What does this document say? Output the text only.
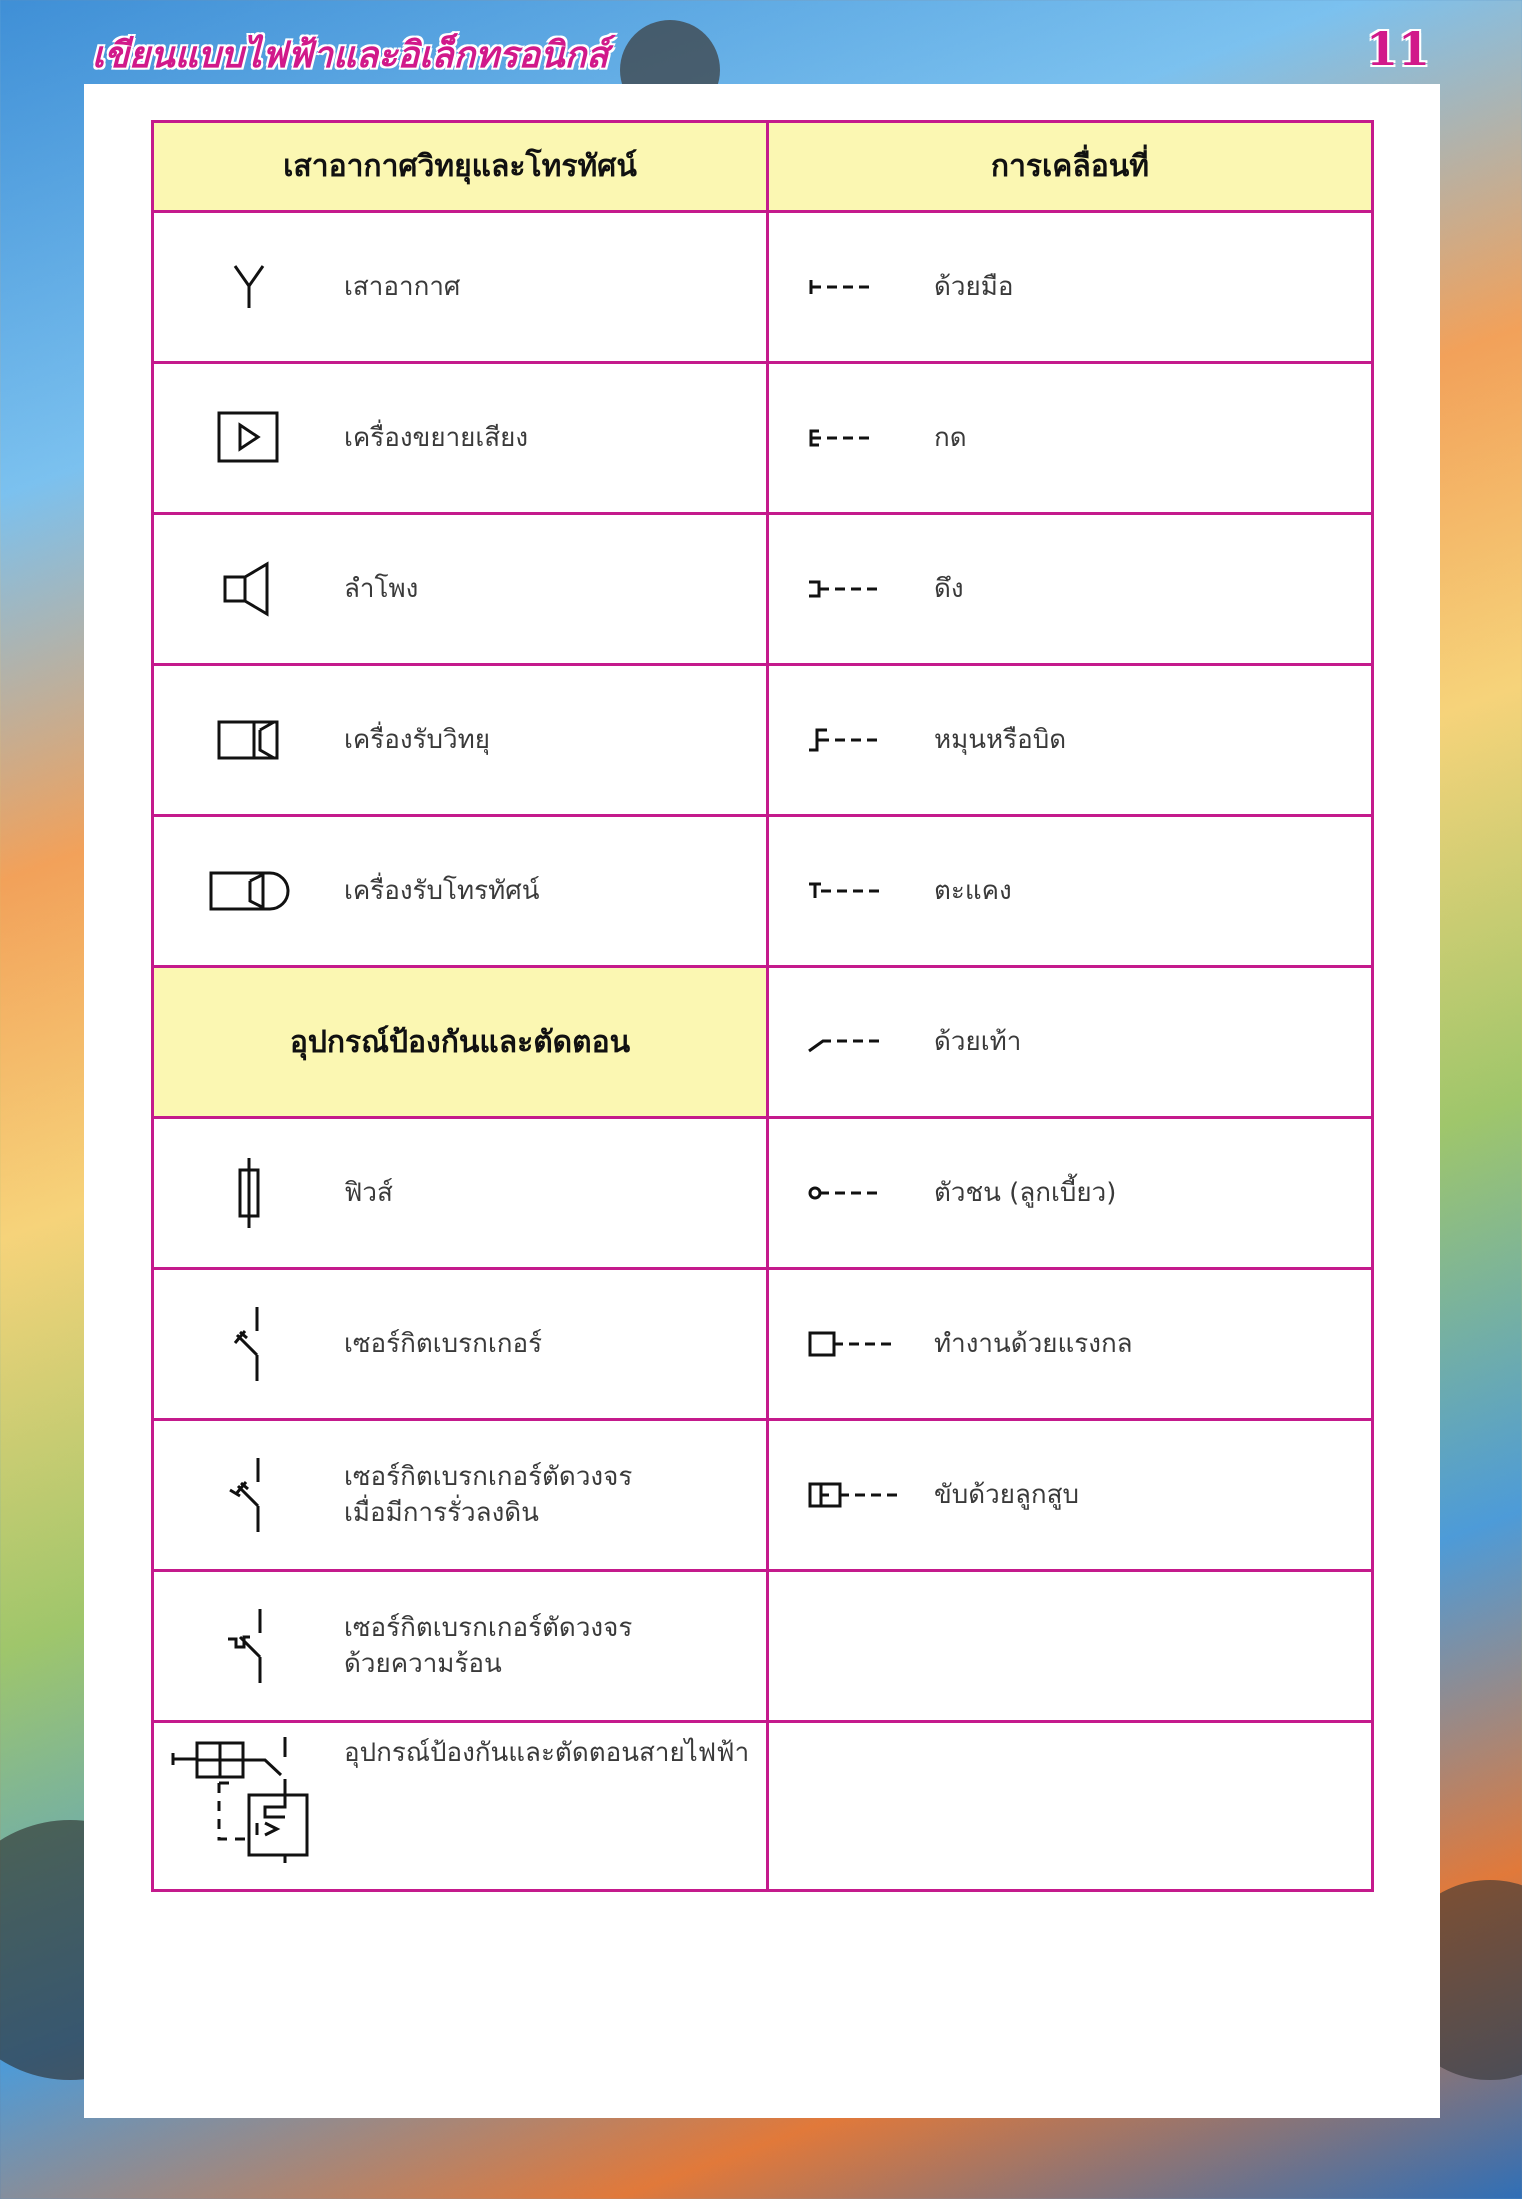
เขียนแบบไฟฟ้าและอิเล็กทรอนิกส์	11
เสาอากาศวิทยุและโทรทัศน์	การเคลื่อนที่

เสาอากาศ	ด้วยมือ

เครื่องขยายเสียง	กด

ลำโพง	ดึง

เครื่องรับวิทยุ	หมุนหรือบิด

เครื่องรับโทรทัศน์	ตะแคง

อุปกรณ์ป้องกันและตัดตอน	ด้วยเท้า

ฟิวส์	ตัวชน (ลูกเบี้ยว)

เซอร์กิตเบรกเกอร์	ทำงานด้วยแรงกล

เซอร์กิตเบรกเกอร์ตัดวงจร
เมื่อมีการรั่วลงดิน	ขับด้วยลูกสูบ

เซอร์กิตเบรกเกอร์ตัดวงจร
ด้วยความร้อน	

อุปกรณ์ป้องกันและตัดตอนสายไฟฟ้า	
